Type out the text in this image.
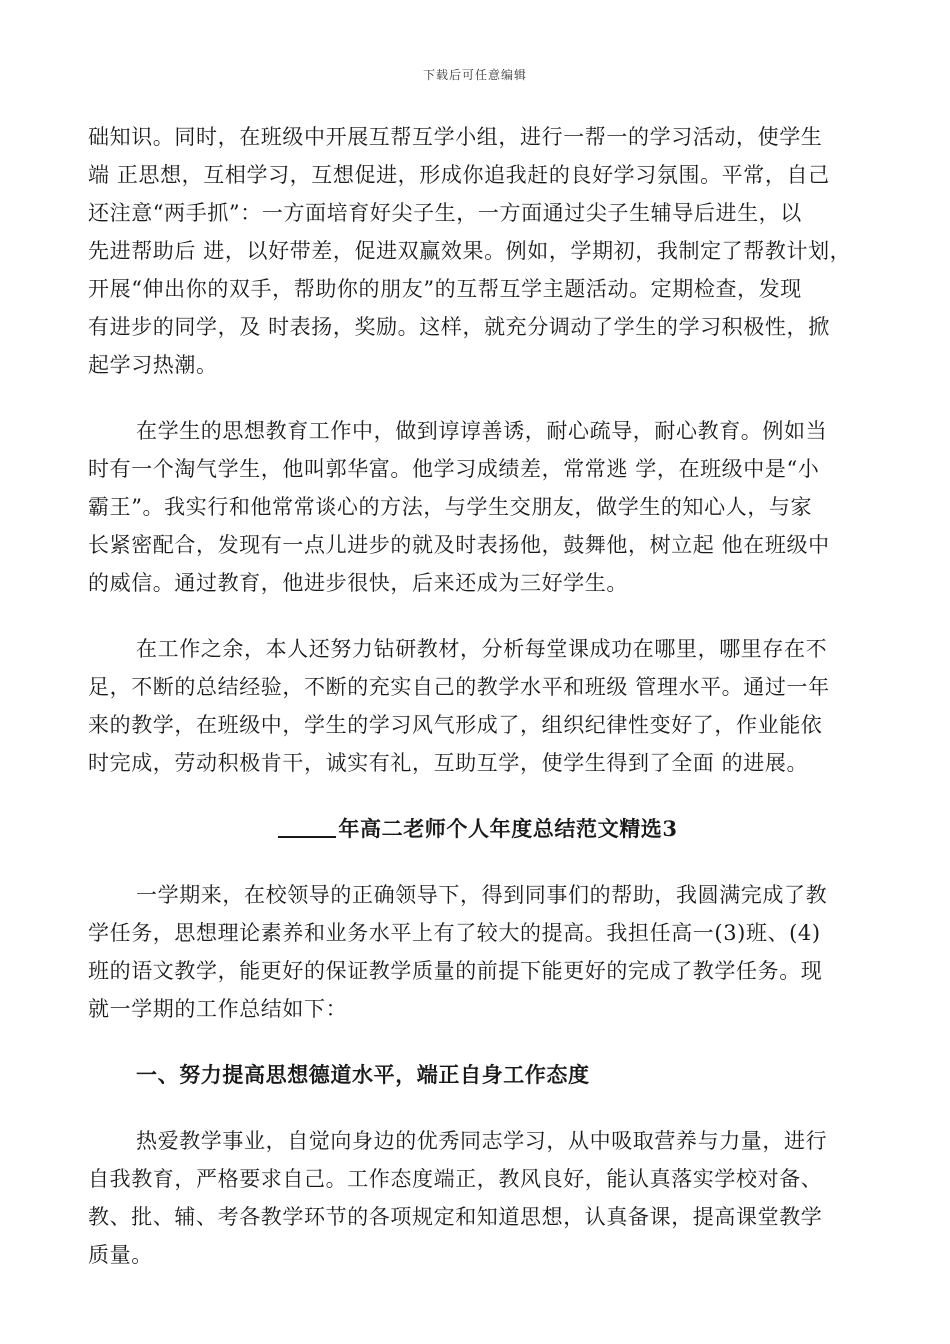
下载后可任意编辑
础知识。同时，在班级中开展互帮互学小组，进行一帮一的学习活动，使学生
端 正思想，互相学习，互想促进，形成你追我赶的良好学习氛围。平常，自己
还注意“两手抓”：一方面培育好尖子生，一方面通过尖子生辅导后进生，以
先进帮助后 进，以好带差，促进双赢效果。例如，学期初，我制定了帮教计划，
开展“伸出你的双手，帮助你的朋友”的互帮互学主题活动。定期检查，发现
有进步的同学，及 时表扬，奖励。这样，就充分调动了学生的学习积极性，掀
起学习热潮。
在学生的思想教育工作中，做到谆谆善诱，耐心疏导，耐心教育。例如当
时有一个淘气学生，他叫郭华富。他学习成绩差，常常逃 学，在班级中是“小
霸王”。我实行和他常常谈心的方法，与学生交朋友，做学生的知心人，与家
长紧密配合，发现有一点儿进步的就及时表扬他，鼓舞他，树立起 他在班级中
的威信。通过教育，他进步很快，后来还成为三好学生。
在工作之余，本人还努力钻研教材，分析每堂课成功在哪里，哪里存在不
足，不断的总结经验，不断的充实自己的教学水平和班级 管理水平。通过一年
来的教学，在班级中，学生的学习风气形成了，组织纪律性变好了，作业能依
时完成，劳动积极肯干，诚实有礼，互助互学，使学生得到了全面 的进展。
年高二老师个人年度总结范文精选3
一学期来，在校领导的正确领导下，得到同事们的帮助，我圆满完成了教
学任务，思想理论素养和业务水平上有了较大的提高。我担任高一(3)班、(4)
班的语文教学，能更好的保证教学质量的前提下能更好的完成了教学任务。现
就一学期的工作总结如下：
一、努力提高思想德道水平，端正自身工作态度
热爱教学事业，自觉向身边的优秀同志学习，从中吸取营养与力量，进行
自我教育，严格要求自己。工作态度端正，教风良好，能认真落实学校对备、
教、批、辅、考各教学环节的各项规定和知道思想，认真备课，提高课堂教学
质量。
